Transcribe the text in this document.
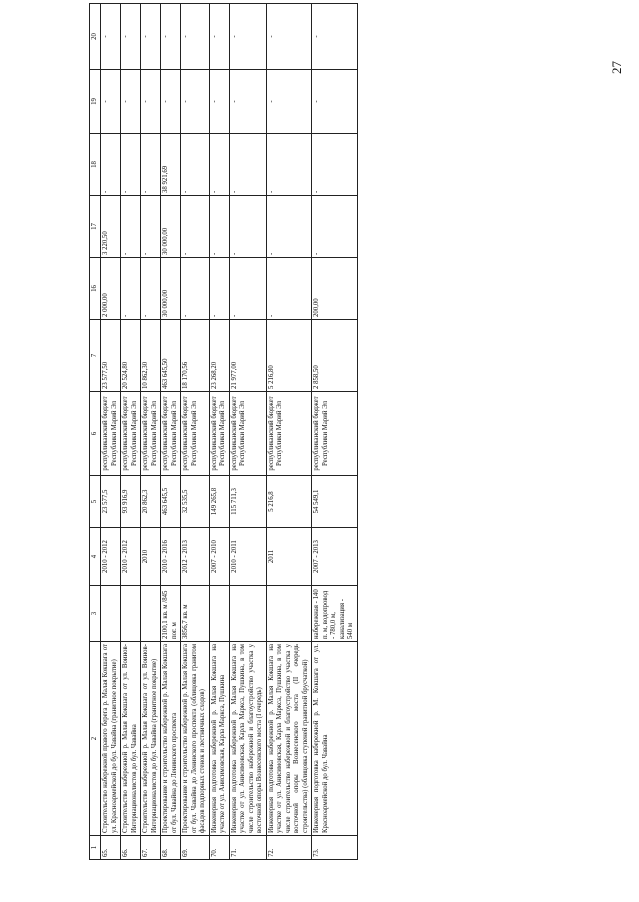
27
1	2	3	4	5	6	7	16	17	18	19	20
65.	Строительство набережной правого берега р. Малая Кокшага от ул. Красноармейской до бул. Чавайна (гранитное покрытие)		2010 - 2012	23 577,5	республиканский бюджет Республики Марий Эл	23 577,50	2 000,00	3 220,50	-	-	-
66.	Строительство набережной р. Малая Кокшага от ул. Воинов-Интернационалистов до бул. Чавайна		2010 - 2012	93 916,9	республиканский бюджет Республики Марий Эл	20 524,80	-	-	-	-	-
67.	Строительство набережной р. Малая Кокшага от ул. Воинов-Интернационалистов до бул. Чавайна (гранитное покрытие)		2010	20 862,3	республиканский бюджет Республики Марий Эл	10 862,30	-	-	-	-	-
68.	Проектирование и строительство набережной р. Малая Кокшага от бул. Чавайна до Ленинского проспекта	2100,1 кв. м /845 пог. м	2010 - 2016	463 645,5	республиканский бюджет Республики Марий Эл	463 645,50	30 000,00	30 000,00	38 921,69	-	-
69.	Проектирование и строительство набережной р. Малая Кокшага от бул. Чавайна до Ленинского проспекта (облицовка гранитом фасадов подпорных стенок и лестничных сходов)	3856,7 кв. м	2012 - 2013	32 535,5	республиканский бюджет Республики Марий Эл	18 170,56	-	-	-	-	-
70.	Инженерная подготовка набережной р. Малая Кокшага на участке от ул. Анисимовская, Карла Маркса, Пушкина		2007 - 2010	149 265,8	республиканский бюджет Республики Марий Эл	23 268,20	-	-	-	-	-
71.	Инженерная подготовка набережной р. Малая Кокшага на участке от ул. Анисимовская, Карла Маркса, Пушкина, в том числе строительство набережной и благоустройство участка у восточной опоры Вознесенского моста (I очередь)		2010 - 2011	115 711,3	республиканский бюджет Республики Марий Эл	21 977,00	-	-	-	-	-
72.	Инженерная подготовка набережной р. Малая Кокшага на участке от ул. Анисимовская, Карла Маркса, Пушкина, в том числе строительство набережной и благоустройство участка у восточной опоры Вознесенского моста (II очередь строительства) (облицовка ступеней гранитной брусчаткой)		2011	5 216,8	республиканский бюджет Республики Марий Эл	5 216,80	-	-	-	-	-
73.	Инженерная подготовка набережной р. М. Кокшага от ул. Красноармейской до бул. Чавайна	набережная - 140 п. м, водопровод - 780,0 м, канализация - 540 м	2007 - 2013	54 549,1	республиканский бюджет Республики Марий Эл	2 858,50	200,00	-	-	-	-
